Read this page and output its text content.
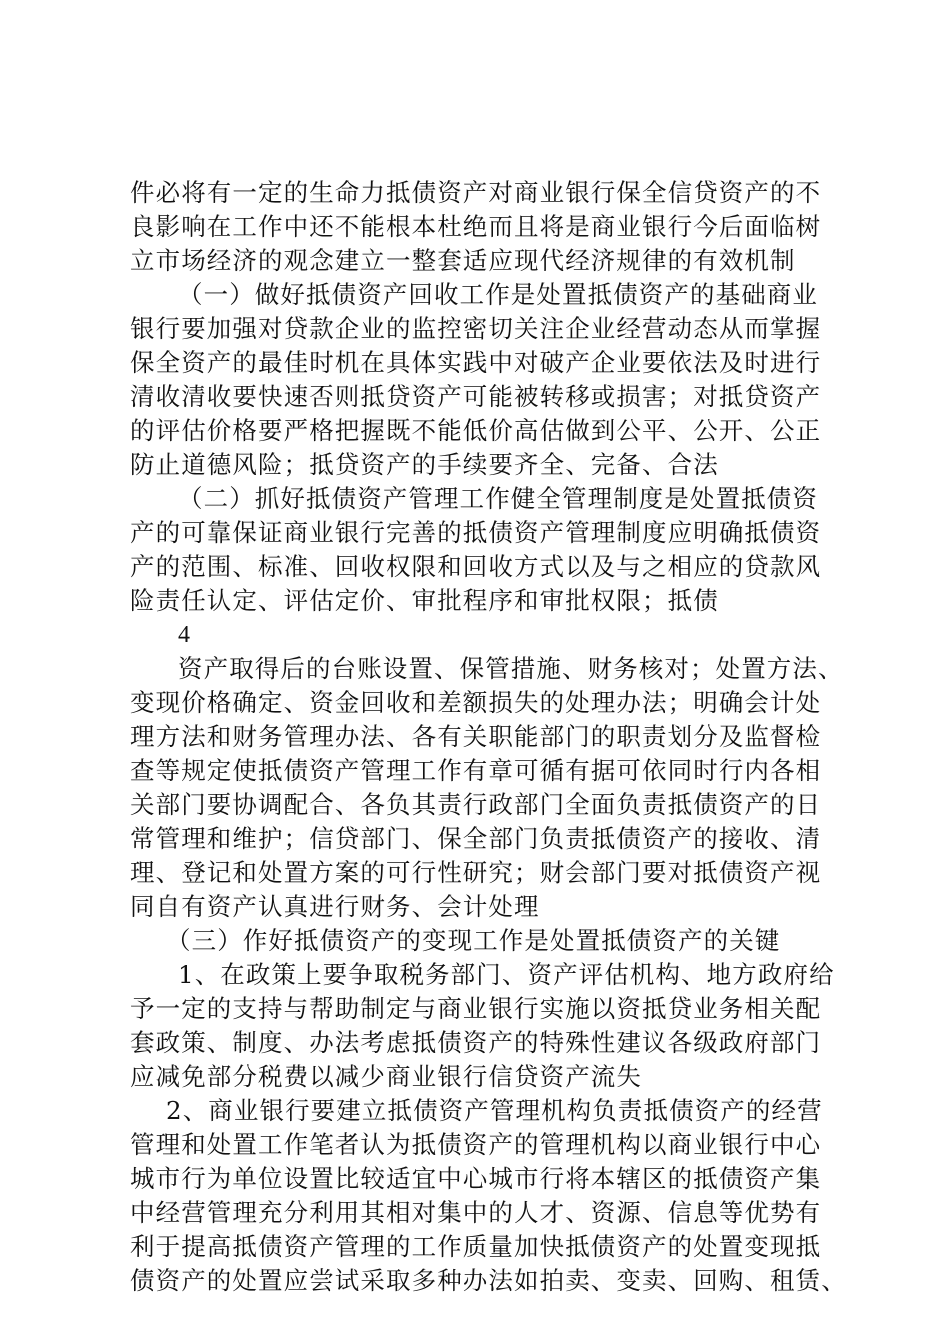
件必将有一定的生命力抵债资产对商业银行保全信贷资产的不
良影响在工作中还不能根本杜绝而且将是商业银行今后面临树
立市场经济的观念建立一整套适应现代经济规律的有效机制
（一）做好抵债资产回收工作是处置抵债资产的基础商业
银行要加强对贷款企业的监控密切关注企业经营动态从而掌握
保全资产的最佳时机在具体实践中对破产企业要依法及时进行
清收清收要快速否则抵贷资产可能被转移或损害；对抵贷资产
的评估价格要严格把握既不能低价高估做到公平、公开、公正
防止道德风险；抵贷资产的手续要齐全、完备、合法
（二）抓好抵债资产管理工作健全管理制度是处置抵债资
产的可靠保证商业银行完善的抵债资产管理制度应明确抵债资
产的范围、标准、回收权限和回收方式以及与之相应的贷款风
险责任认定、评估定价、审批程序和审批权限；抵债
4
资产取得后的台账设置、保管措施、财务核对；处置方法、
变现价格确定、资金回收和差额损失的处理办法；明确会计处
理方法和财务管理办法、各有关职能部门的职责划分及监督检
查等规定使抵债资产管理工作有章可循有据可依同时行内各相
关部门要协调配合、各负其责行政部门全面负责抵债资产的日
常管理和维护；信贷部门、保全部门负责抵债资产的接收、清
理、登记和处置方案的可行性研究；财会部门要对抵债资产视
同自有资产认真进行财务、会计处理
（三）作好抵债资产的变现工作是处置抵债资产的关键
1、在政策上要争取税务部门、资产评估机构、地方政府给
予一定的支持与帮助制定与商业银行实施以资抵贷业务相关配
套政策、制度、办法考虑抵债资产的特殊性建议各级政府部门
应减免部分税费以减少商业银行信贷资产流失
2、商业银行要建立抵债资产管理机构负责抵债资产的经营
管理和处置工作笔者认为抵债资产的管理机构以商业银行中心
城市行为单位设置比较适宜中心城市行将本辖区的抵债资产集
中经营管理充分利用其相对集中的人才、资源、信息等优势有
利于提高抵债资产管理的工作质量加快抵债资产的处置变现抵
债资产的处置应尝试采取多种办法如拍卖、变卖、回购、租赁、
